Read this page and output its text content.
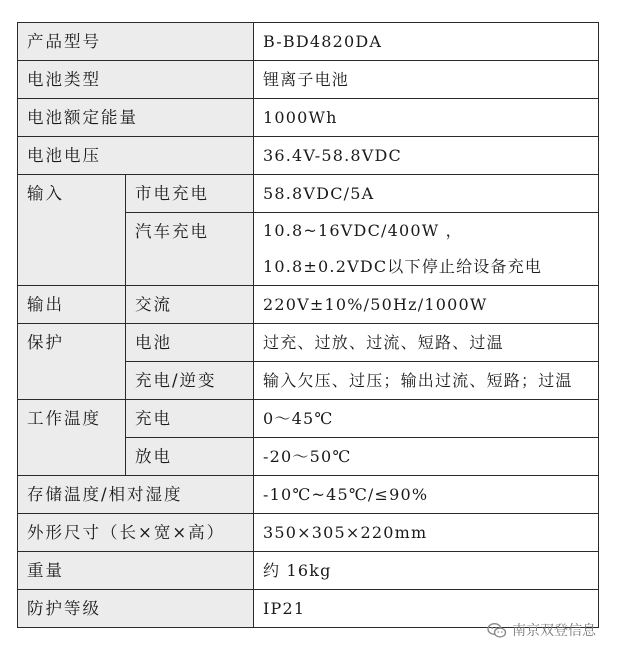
产品型号		B-BD4820DA
电池类型		锂离子电池
电池额定能量		1000Wh
电池电压		36.4V-58.8VDC
输入	市电充电	58.8VDC/5A
	汽车充电	10.8~16VDC/400W ， 10.8±0.2VDC以下停止给设备充电
输出	交流	220V±10%/50Hz/1000W
保护	电池	过充、过放、过流、短路、过温
	充电/逆变	输入欠压、过压；输出过流、短路；过温
工作温度	充电	0～45℃
	放电	-20～50℃
存储温度/相对湿度		-10℃~45℃/≤90%
外形尺寸（长×宽×高）		350×305×220mm
重量		约 16kg
防护等级		IP21
南京双登信息
